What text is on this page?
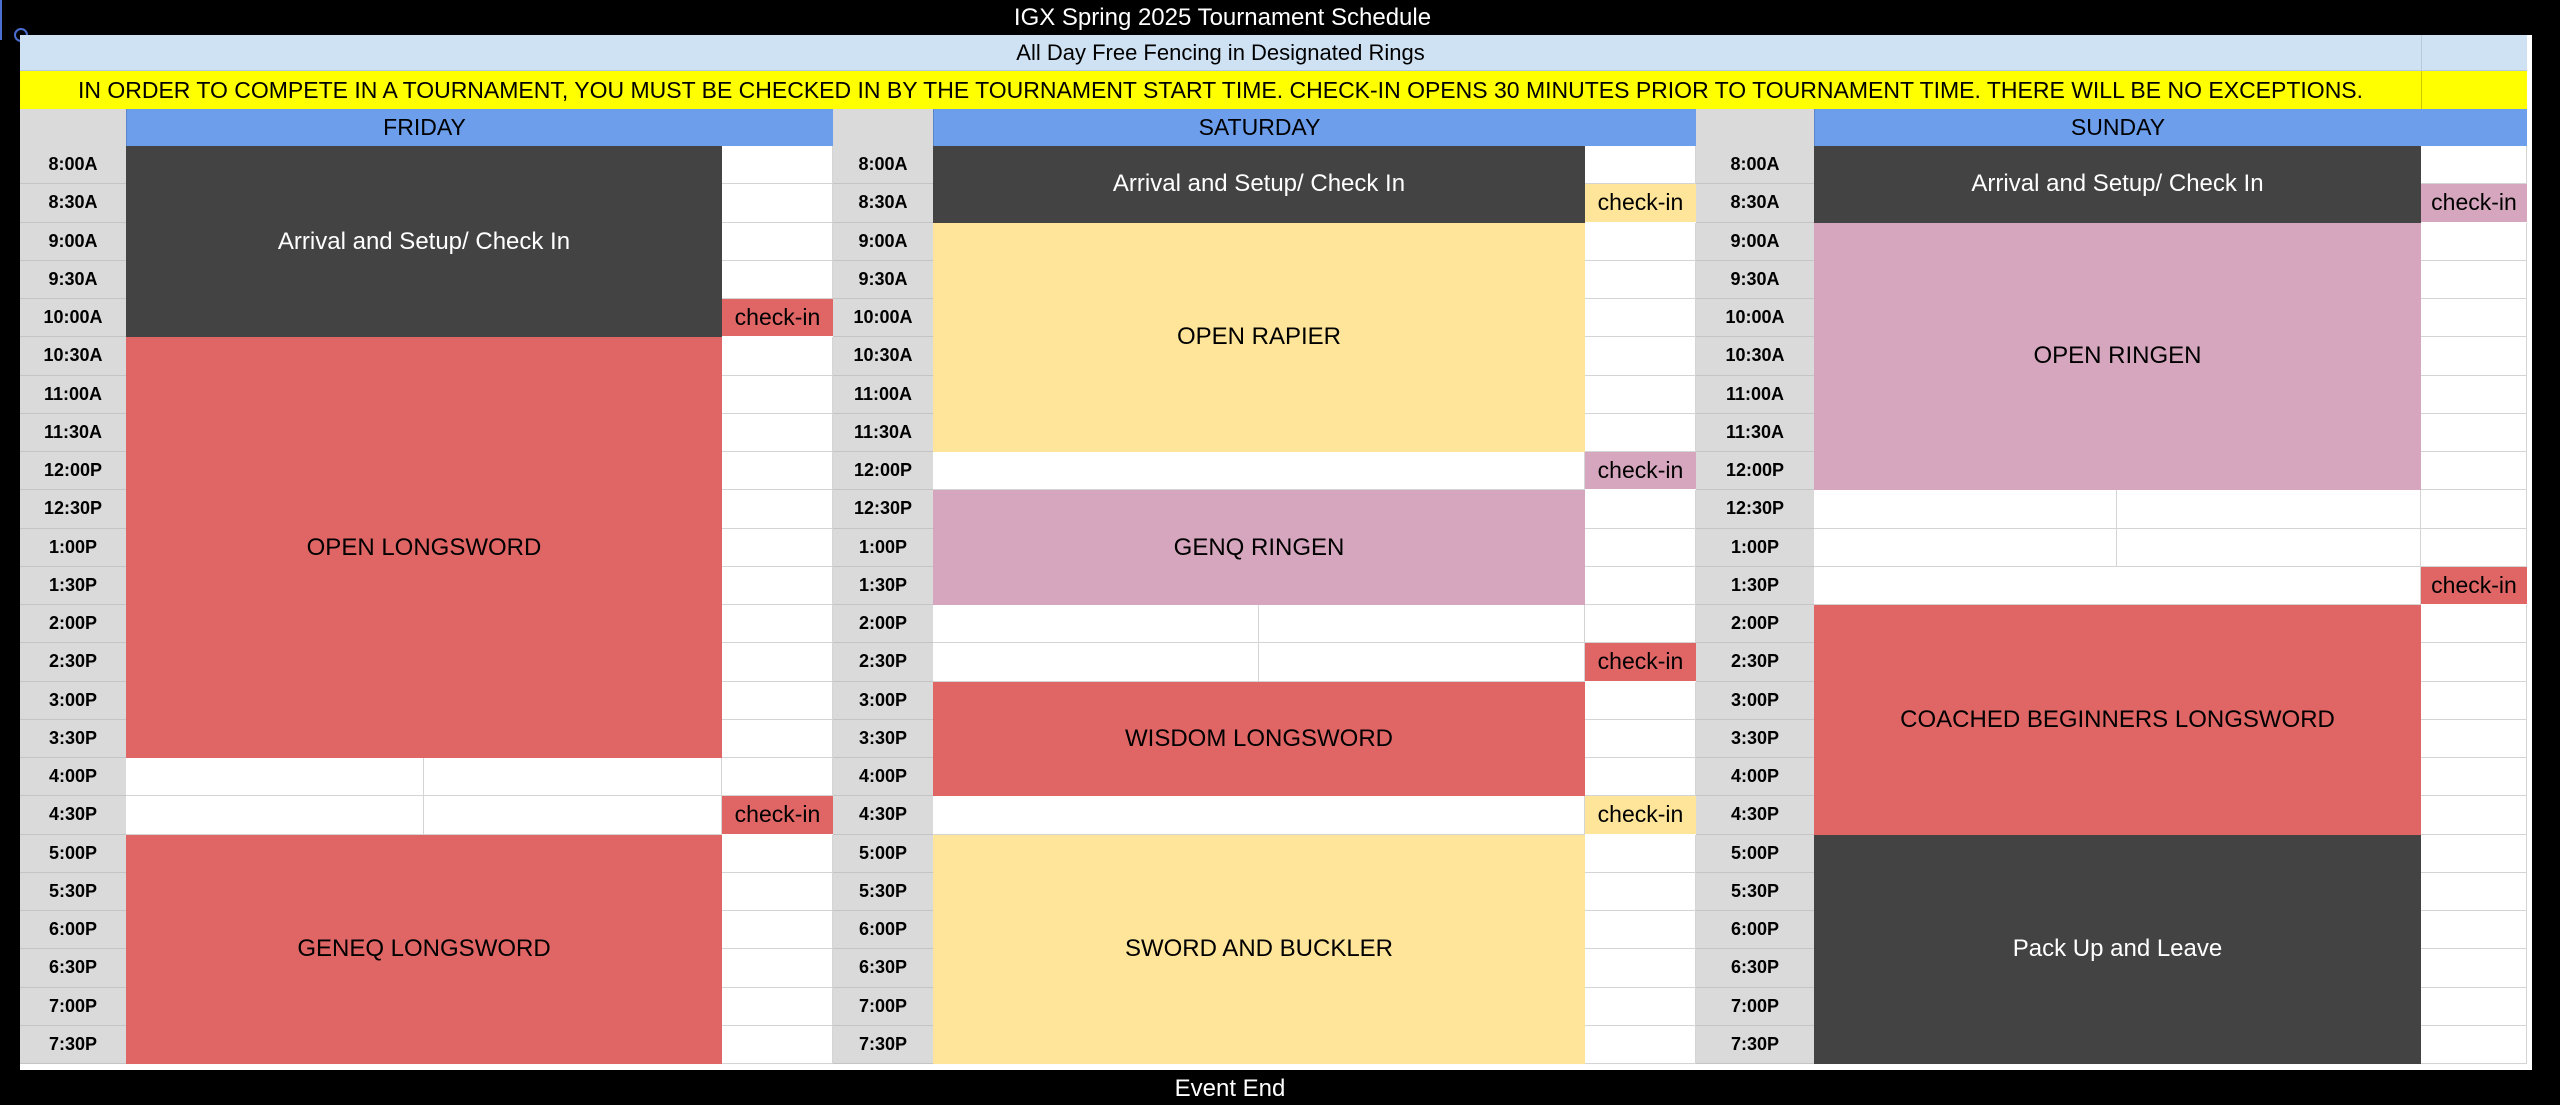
IGX Spring 2025 Tournament Schedule
All Day Free Fencing in Designated Rings
IN ORDER TO COMPETE IN A TOURNAMENT, YOU MUST BE CHECKED IN BY THE TOURNAMENT START TIME. CHECK-IN OPENS 30 MINUTES PRIOR TO TOURNAMENT TIME. THERE WILL BE NO EXCEPTIONS.
FRIDAY	SATURDAY	SUNDAY
8:00A
8:30A
9:00A
9:30A
10:00A
10:30A
11:00A
11:30A
12:00P
12:30P
1:00P
1:30P
2:00P
2:30P
3:00P
3:30P
4:00P
4:30P
5:00P
5:30P
6:00P
6:30P
7:00P
7:30P
Arrival and Setup/ Check In
OPEN LONGSWORD
GENEQ LONGSWORD
check-in
check-in
8:00A
8:30A
9:00A
9:30A
10:00A
10:30A
11:00A
11:30A
12:00P
12:30P
1:00P
1:30P
2:00P
2:30P
3:00P
3:30P
4:00P
4:30P
5:00P
5:30P
6:00P
6:30P
7:00P
7:30P
Arrival and Setup/ Check In
OPEN RAPIER
GENQ RINGEN
WISDOM LONGSWORD
SWORD AND BUCKLER
check-in
check-in
check-in
check-in
8:00A
8:30A
9:00A
9:30A
10:00A
10:30A
11:00A
11:30A
12:00P
12:30P
1:00P
1:30P
2:00P
2:30P
3:00P
3:30P
4:00P
4:30P
5:00P
5:30P
6:00P
6:30P
7:00P
7:30P
Arrival and Setup/ Check In
OPEN RINGEN
COACHED BEGINNERS LONGSWORD
Pack Up and Leave
check-in
check-in
Event End
